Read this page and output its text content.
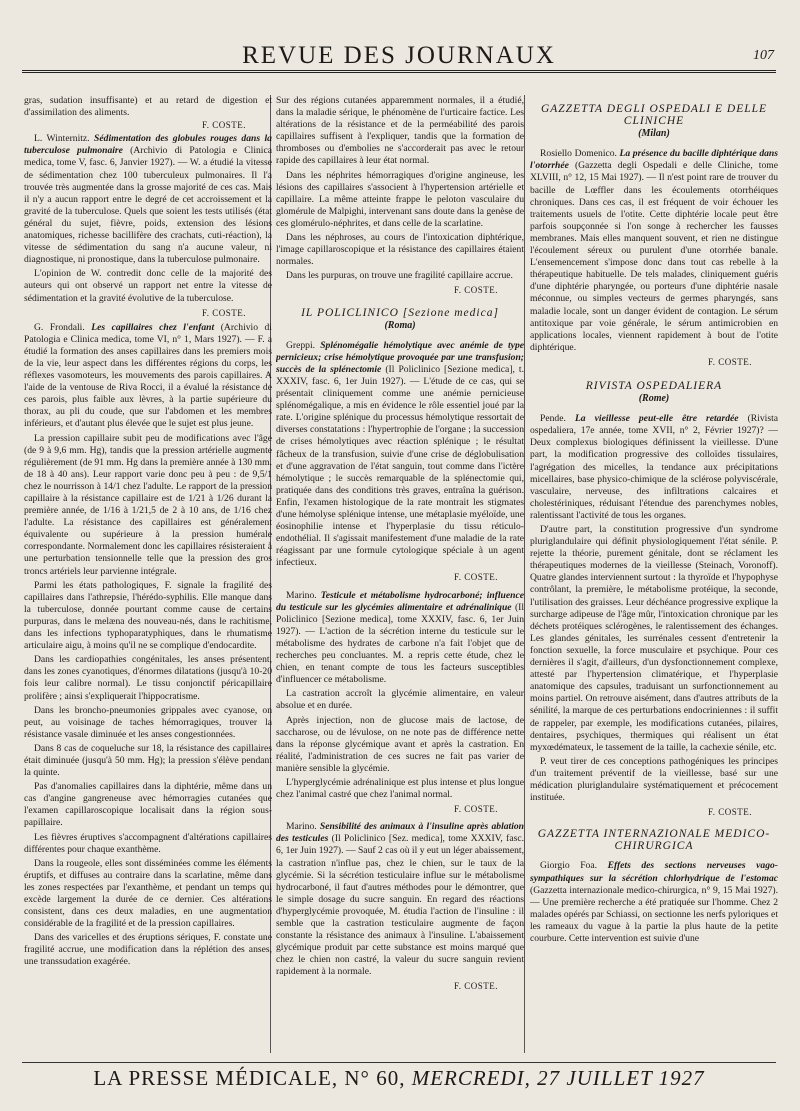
REVUE DES JOURNAUX	107

gras, sudation insuffisante) et au retard de digestion et d'assimilation des aliments.
F. COSTE.

L. Winternitz. Sédimentation des globules rouges dans la tuberculose pulmonaire (Archivio di Patologia e Clinica medica, tome V, fasc. 6, Janvier 1927). — W. a étudié la vitesse de sédimentation chez 100 tuberculeux pulmonaires. Il l'a trouvée très augmentée dans la grosse majorité de ces cas. Mais il n'y a aucun rapport entre le degré de cet accroissement et la gravité de la tuberculose. Quels que soient les tests utilisés (état général du sujet, fièvre, poids, extension des lésions anatomiques, richesse bacillifère des crachats, cuti-réaction), la vitesse de sédimentation du sang n'a aucune valeur, ni diagnostique, ni pronostique, dans la tuberculose pulmonaire.

L'opinion de W. contredit donc celle de la majorité des auteurs qui ont observé un rapport net entre la vitesse de sédimentation et la gravité évolutive de la tuberculose.

F. COSTE.

G. Frondali. Les capillaires chez l'enfant (Archivio di Patologia e Clinica medica, tome VI, n° 1, Mars 1927). — F. a étudié la formation des anses capillaires dans les premiers mois de la vie, leur aspect dans les différentes régions du corps, les réflexes vasomoteurs, les mouvements des parois capillaires. A l'aide de la ventouse de Riva Rocci, il a évalué la résistance de ces parois, plus faible aux lèvres, à la partie supérieure du thorax, au pli du coude, que sur l'abdomen et les membres inférieurs, et d'autant plus élevée que le sujet est plus jeune.

La pression capillaire subit peu de modifications avec l'âge (de 9 à 9,6 mm. Hg), tandis que la pression artérielle augmente régulièrement (de 91 mm. Hg dans la première année à 130 mm. de 18 à 40 ans). Leur rapport varie donc peu à peu : de 9,5/1 chez le nourrisson à 14/1 chez l'adulte. Le rapport de la pression capillaire à la résistance capillaire est de 1/21 à 1/26 durant la première année, de 1/16 à 1/21,5 de 2 à 10 ans, de 1/16 chez l'adulte. La résistance des capillaires est généralement équivalente ou supérieure à la pression humérale correspondante. Normalement donc les capillaires résisteraient à une perturbation tensionnelle telle que la pression des gros troncs artériels leur parvienne intégrale.

Parmi les états pathologiques, F. signale la fragilité des capillaires dans l'athrepsie, l'hérédo-syphilis. Elle manque dans la tuberculose, donnée pourtant comme cause de certains purpuras, dans le melæna des nouveau-nés, dans le rachitisme, dans les infections typhoparatyphiques, dans le rhumatisme articulaire aigu, à moins qu'il ne se complique d'endocardite.

Dans les cardiopathies congénitales, les anses présentent, dans les zones cyanotiques, d'énormes dilatations (jusqu'à 10-20 fois leur calibre normal). Le tissu conjonctif péricapillaire prolifère ; ainsi s'expliquerait l'hippocratisme.

Dans les broncho-pneumonies grippales avec cyanose, on peut, au voisinage de taches hémorragiques, trouver la résistance vasale diminuée et les anses congestionnées.

Dans 8 cas de coqueluche sur 18, la résistance des capillaires était diminuée (jusqu'à 50 mm. Hg); la pression s'élève pendant la quinte.

Pas d'anomalies capillaires dans la diphtérie, même dans un cas d'angine gangreneuse avec hémorragies cutanées que l'examen capillaroscopique localisait dans la région sous-papillaire.

Les fièvres éruptives s'accompagnent d'altérations capillaires différentes pour chaque exanthème.

Dans la rougeole, elles sont disséminées comme les éléments éruptifs, et diffuses au contraire dans la scarlatine, même dans les zones respectées par l'exanthème, et pendant un temps qui excède largement la durée de ce dernier. Ces altérations consistent, dans ces deux maladies, en une augmentation considérable de la fragilité et de la pression capillaires.

Dans des varicelles et des éruptions sériques, F. constate une fragilité accrue, une modification dans la réplétion des anses, une transsudation exagérée.

Sur des régions cutanées apparemment normales, il a étudié, dans la maladie sérique, le phénomène de l'urticaire factice. Les altérations de la résistance et de la perméabilité des parois capillaires suffisent à l'expliquer, tandis que la formation de thromboses ou d'embolies ne s'accorderait pas avec le retour rapide des capillaires à leur état normal.

Dans les néphrites hémorragiques d'origine angineuse, les lésions des capillaires s'associent à l'hypertension artérielle et capillaire. La même atteinte frappe le peloton vasculaire du glomérule de Malpighi, intervenant sans doute dans la genèse de ces glomérulo-néphrites, et dans celle de la scarlatine.

Dans les néphroses, au cours de l'intoxication diphtérique, l'image capillaroscopique et la résistance des capillaires étaient normales.

Dans les purpuras, on trouve une fragilité capillaire accrue.

F. COSTE.
IL POLICLINICO [Sezione medica]
(Roma)

Greppi. Splénomégalie hémolytique avec anémie de type pernicieux; crise hémolytique provoquée par une transfusion; succès de la splénectomie (Il Policlinico [Sezione medica], t. XXXIV, fasc. 6, 1er Juin 1927). — L'étude de ce cas, qui se présentait cliniquement comme une anémie pernicieuse splénomégalique, a mis en évidence le rôle essentiel joué par la rate. L'origine splénique du processus hémolytique ressortait de diverses constatations : l'hypertrophie de l'organe ; la succession de crises hémolytiques avec réaction splénique ; le résultat fâcheux de la transfusion, suivie d'une crise de déglobulisation et d'une aggravation de l'état sanguin, tout comme dans l'ictère hémolytique ; le succès remarquable de la splénectomie qui, pratiquée dans des conditions très graves, entraîna la guérison. Enfin, l'examen histologique de la rate montrait les stigmates d'une hémolyse splénique intense, une métaplasie myéloïde, une éosinophilie intense et l'hyperplasie du tissu réticulo-endothélial. Il s'agissait manifestement d'une maladie de la rate réagissant par une formule cytologique spéciale à un agent infectieux.

F. COSTE.

Marino. Testicule et métabolisme hydrocarboné; influence du testicule sur les glycémies alimentaire et adrénalinique (Il Policlinico [Sezione medica], tome XXXIV, fasc. 6, 1er Juin 1927). — L'action de la sécrétion interne du testicule sur le métabolisme des hydrates de carbone n'a fait l'objet que de recherches peu concluantes. M. a repris cette étude, chez le chien, en tenant compte de tous les facteurs susceptibles d'influencer ce métabolisme.

La castration accroît la glycémie alimentaire, en valeur absolue et en durée.

Après injection, non de glucose mais de lactose, de saccharose, ou de lévulose, on ne note pas de différence nette dans la réponse glycémique avant et après la castration. En réalité, l'administration de ces sucres ne fait pas varier de manière sensible la glycémie.

L'hyperglycémie adrénalinique est plus intense et plus longue chez l'animal castré que chez l'animal normal.

F. COSTE.

Marino. Sensibilité des animaux à l'insuline après ablation des testicules (Il Policlinico [Sez. medica], tome XXXIV, fasc. 6, 1er Juin 1927). — Sauf 2 cas où il y eut un léger abaissement, la castration n'influe pas, chez le chien, sur le taux de la glycémie. Si la sécrétion testiculaire influe sur le métabolisme hydrocarboné, il faut d'autres méthodes pour le démontrer, que le simple dosage du sucre sanguin. En regard des réactions d'hyperglycémie provoquée, M. étudia l'action de l'insuline : il semble que la castration testiculaire augmente de façon constante la résistance des animaux à l'insuline. L'abaissement glycémique produit par cette substance est moins marqué que chez le chien non castré, la valeur du sucre sanguin revient rapidement à la normale.

F. COSTE.
GAZZETTA DEGLI OSPEDALI E DELLE CLINICHE
(Milan)

Rosiello Domenico. La présence du bacille diphtérique dans l'otorrhée (Gazzetta degli Ospedali e delle Cliniche, tome XLVIII, n° 12, 15 Mai 1927). — Il n'est point rare de trouver du bacille de Lœffler dans les écoulements otorrhéiques chroniques. Dans ces cas, il est fréquent de voir échouer les traitements usuels de l'otite. Cette diphtérie locale peut être parfois soupçonnée si l'on songe à rechercher les fausses membranes. Mais elles manquent souvent, et rien ne distingue l'écoulement séreux ou purulent d'une otorrhée banale. L'ensemencement s'impose donc dans tout cas rebelle à la thérapeutique habituelle. De tels malades, cliniquement guéris d'une diphtérie pharyngée, ou porteurs d'une diphtérie nasale méconnue, ou simples vecteurs de germes pharyngés, sans maladie locale, sont un danger évident de contagion. Le sérum antitoxique par voie générale, le sérum antimicrobien en applications locales, viennent rapidement à bout de l'otite diphtérique.

F. COSTE.
RIVISTA OSPEDALIERA
(Rome)

Pende. La vieillesse peut-elle être retardée (Rivista ospedaliera, 17e année, tome XVII, n° 2, Février 1927)? — Deux complexus biologiques définissent la vieillesse. D'une part, la modification progressive des colloïdes tissulaires, l'agrégation des micelles, la tendance aux précipitations micellaires, base physico-chimique de la sclérose polyviscérale, vasculaire, nerveuse, des infiltrations calcaires et cholestériniques, réduisant l'étendue des parenchymes nobles, ralentissant l'activité de tous les organes.

D'autre part, la constitution progressive d'un syndrome pluriglandulaire qui définit physiologiquement l'état sénile. P. rejette la théorie, purement génitale, dont se réclament les thérapeutiques modernes de la vieillesse (Steinach, Voronoff). Quatre glandes interviennent surtout : la thyroïde et l'hypophyse contrôlant, la première, le métabolisme protéique, la seconde, l'utilisation des graisses. Leur déchéance progressive explique la surcharge adipeuse de l'âge mûr, l'intoxication chronique par les déchets protéiques sclérogènes, le ralentissement des échanges. Les glandes génitales, les surrénales cessent d'entretenir la fonction sexuelle, la force musculaire et psychique. Pour ces dernières il s'agit, d'ailleurs, d'un dysfonctionnement complexe, attesté par l'hypertension climatérique, et l'hyperplasie anatomique des capsules, traduisant un surfonctionnement au moins partiel. On retrouve aisément, dans d'autres attributs de la sénilité, la marque de ces perturbations endocriniennes : il suffit de rappeler, par exemple, les modifications cutanées, pilaires, dentaires, psychiques, thermiques qui réalisent un état myxœdémateux, le tassement de la taille, la cachexie sénile, etc.

P. veut tirer de ces conceptions pathogéniques les principes d'un traitement préventif de la vieillesse, basé sur une médication pluriglandulaire systématiquement et précocement instituée.

F. COSTE.
GAZZETTA INTERNAZIONALE MEDICO-CHIRURGICA

Giorgio Foa. Effets des sections nerveuses vago-sympathiques sur la sécrétion chlorhydrique de l'estomac (Gazzetta internazionale medico-chirurgica, n° 9, 15 Mai 1927). — Une première recherche a été pratiquée sur l'homme. Chez 2 malades opérés par Schiassi, on sectionne les nerfs pyloriques et les rameaux du vague à la partie la plus haute de la petite courbure. Cette intervention est suivie d'une

LA PRESSE MÉDICALE, N° 60, MERCREDI, 27 JUILLET 1927
